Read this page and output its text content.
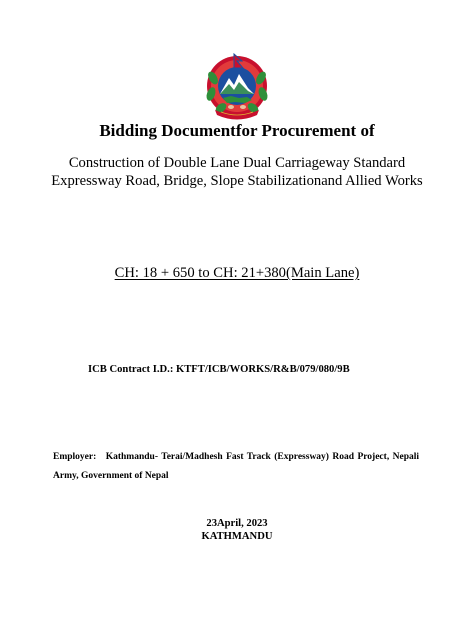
Bidding Documentfor Procurement of
Construction of Double Lane Dual Carriageway Standard Expressway Road, Bridge, Slope Stabilizationand Allied Works
CH: 18 + 650 to CH: 21+380(Main Lane)
ICB Contract I.D.: KTFT/ICB/WORKS/R&B/079/080/9B
Employer: Kathmandu- Terai/Madhesh Fast Track (Expressway) Road Project, Nepali Army, Government of Nepal
23April, 2023
KATHMANDU
